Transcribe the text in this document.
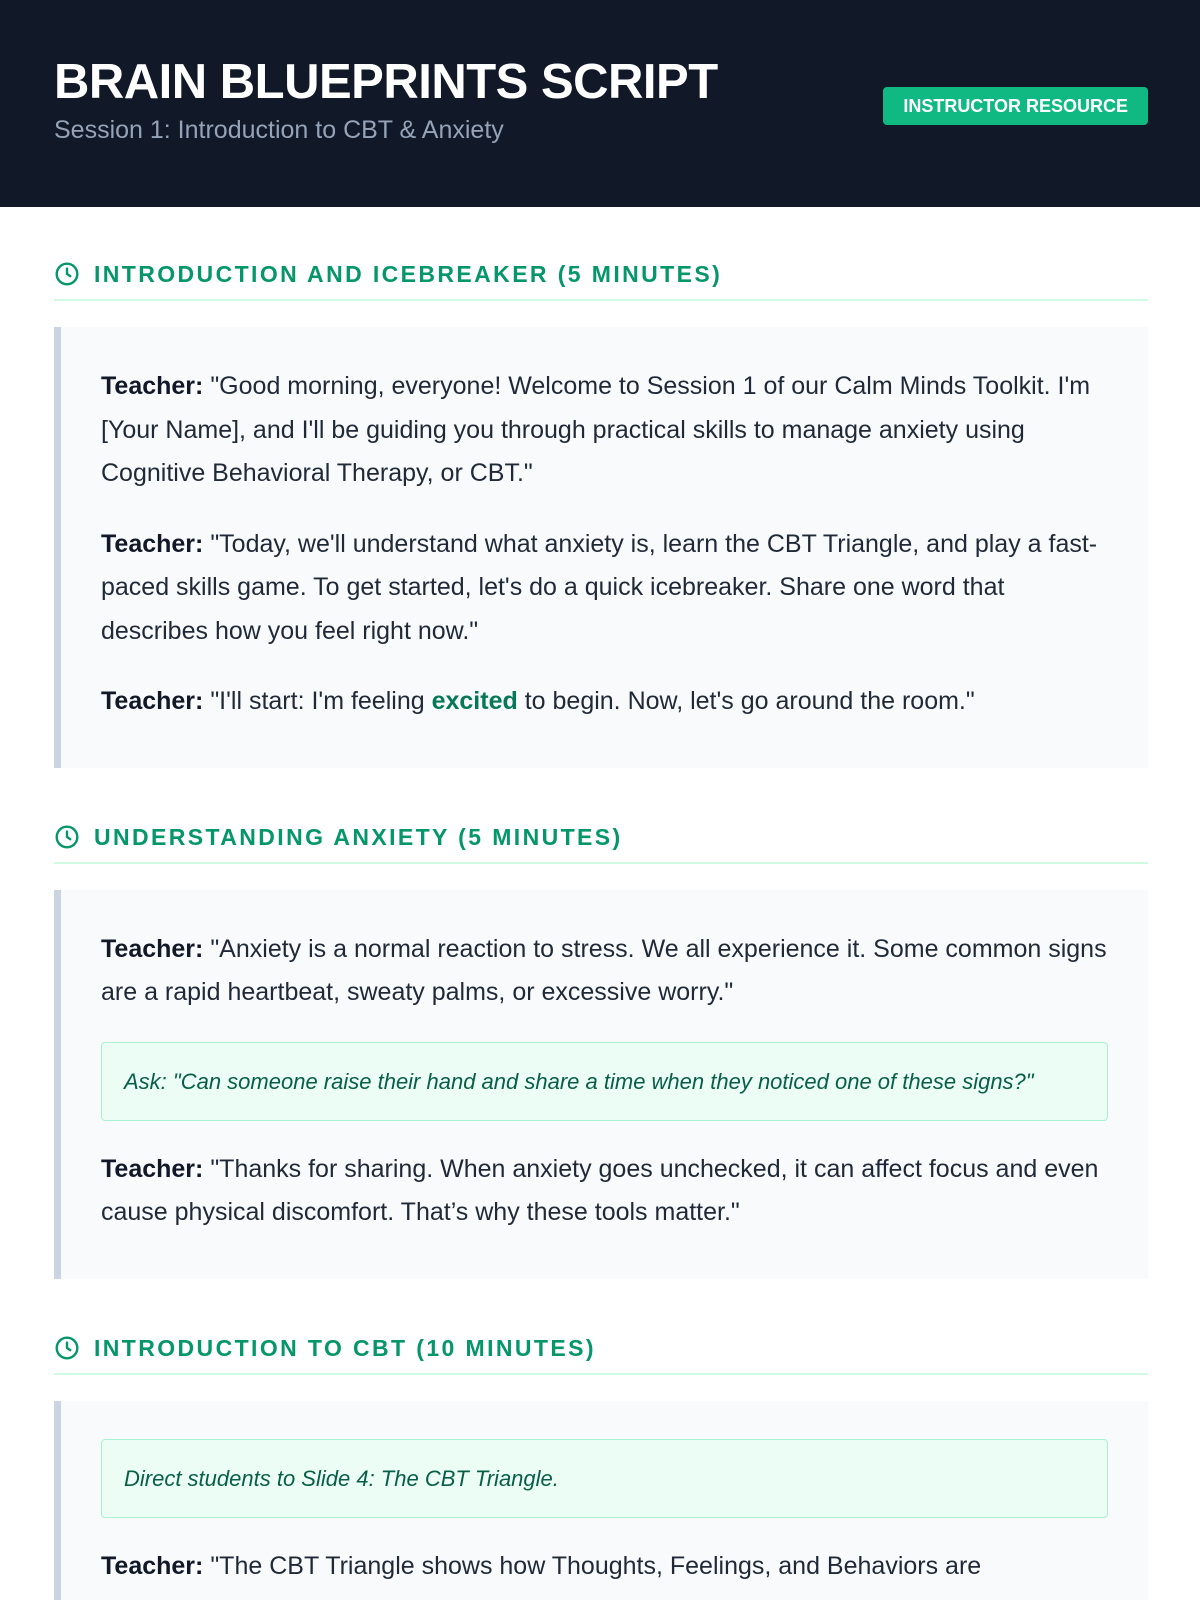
BRAIN BLUEPRINTS SCRIPT
Session 1: Introduction to CBT & Anxiety
INSTRUCTOR RESOURCE
INTRODUCTION AND ICEBREAKER (5 MINUTES)

Teacher: "Good morning, everyone! Welcome to Session 1 of our Calm Minds Toolkit. I'm [Your Name], and I'll be guiding you through practical skills to manage anxiety using Cognitive Behavioral Therapy, or CBT."

Teacher: "Today, we'll understand what anxiety is, learn the CBT Triangle, and play a fast-paced skills game. To get started, let's do a quick icebreaker. Share one word that describes how you feel right now."

Teacher: "I'll start: I'm feeling excited to begin. Now, let's go around the room."

UNDERSTANDING ANXIETY (5 MINUTES)

Teacher: "Anxiety is a normal reaction to stress. We all experience it. Some common signs are a rapid heartbeat, sweaty palms, or excessive worry."

Ask: "Can someone raise their hand and share a time when they noticed one of these signs?"

Teacher: "Thanks for sharing. When anxiety goes unchecked, it can affect focus and even cause physical discomfort. That’s why these tools matter."

INTRODUCTION TO CBT (10 MINUTES)
Direct students to Slide 4: The CBT Triangle.

Teacher: "The CBT Triangle shows how Thoughts, Feelings, and Behaviors are
